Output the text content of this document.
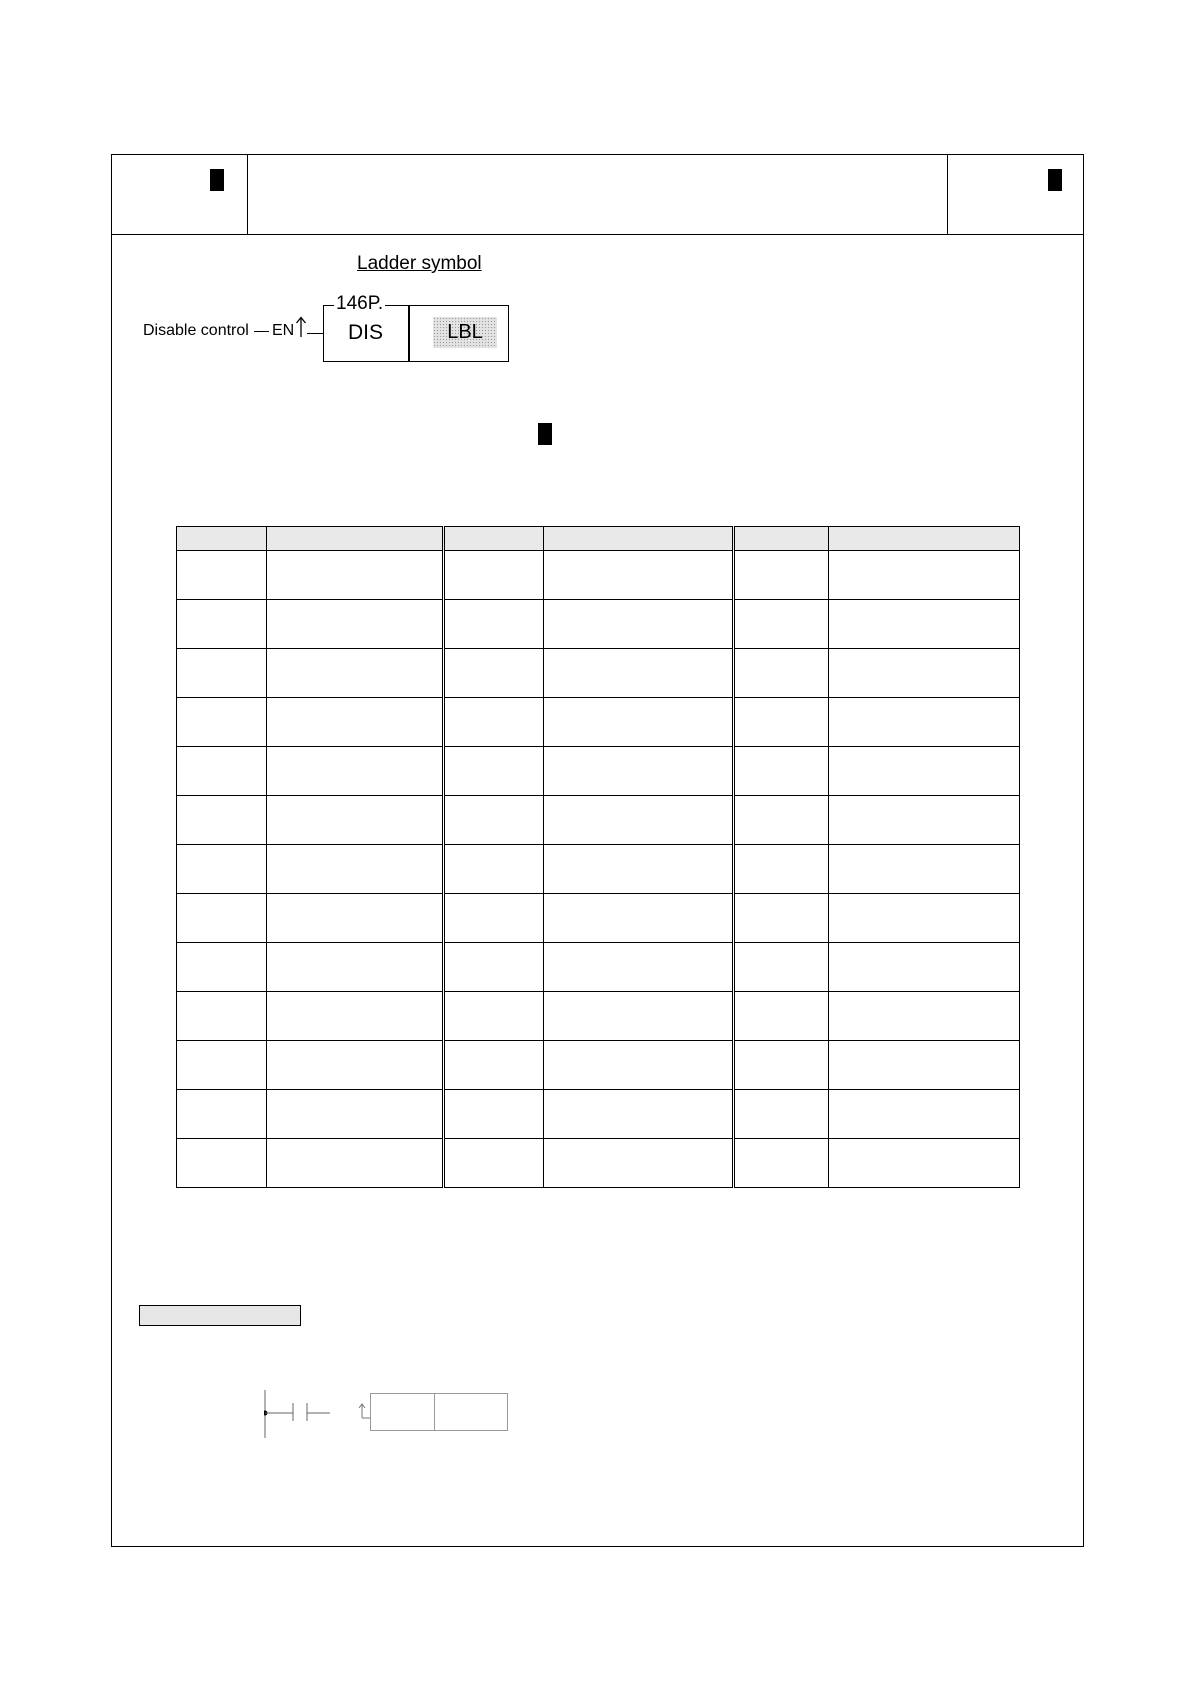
Ladder symbol
Disable control EN
146P.
DIS	LBL
